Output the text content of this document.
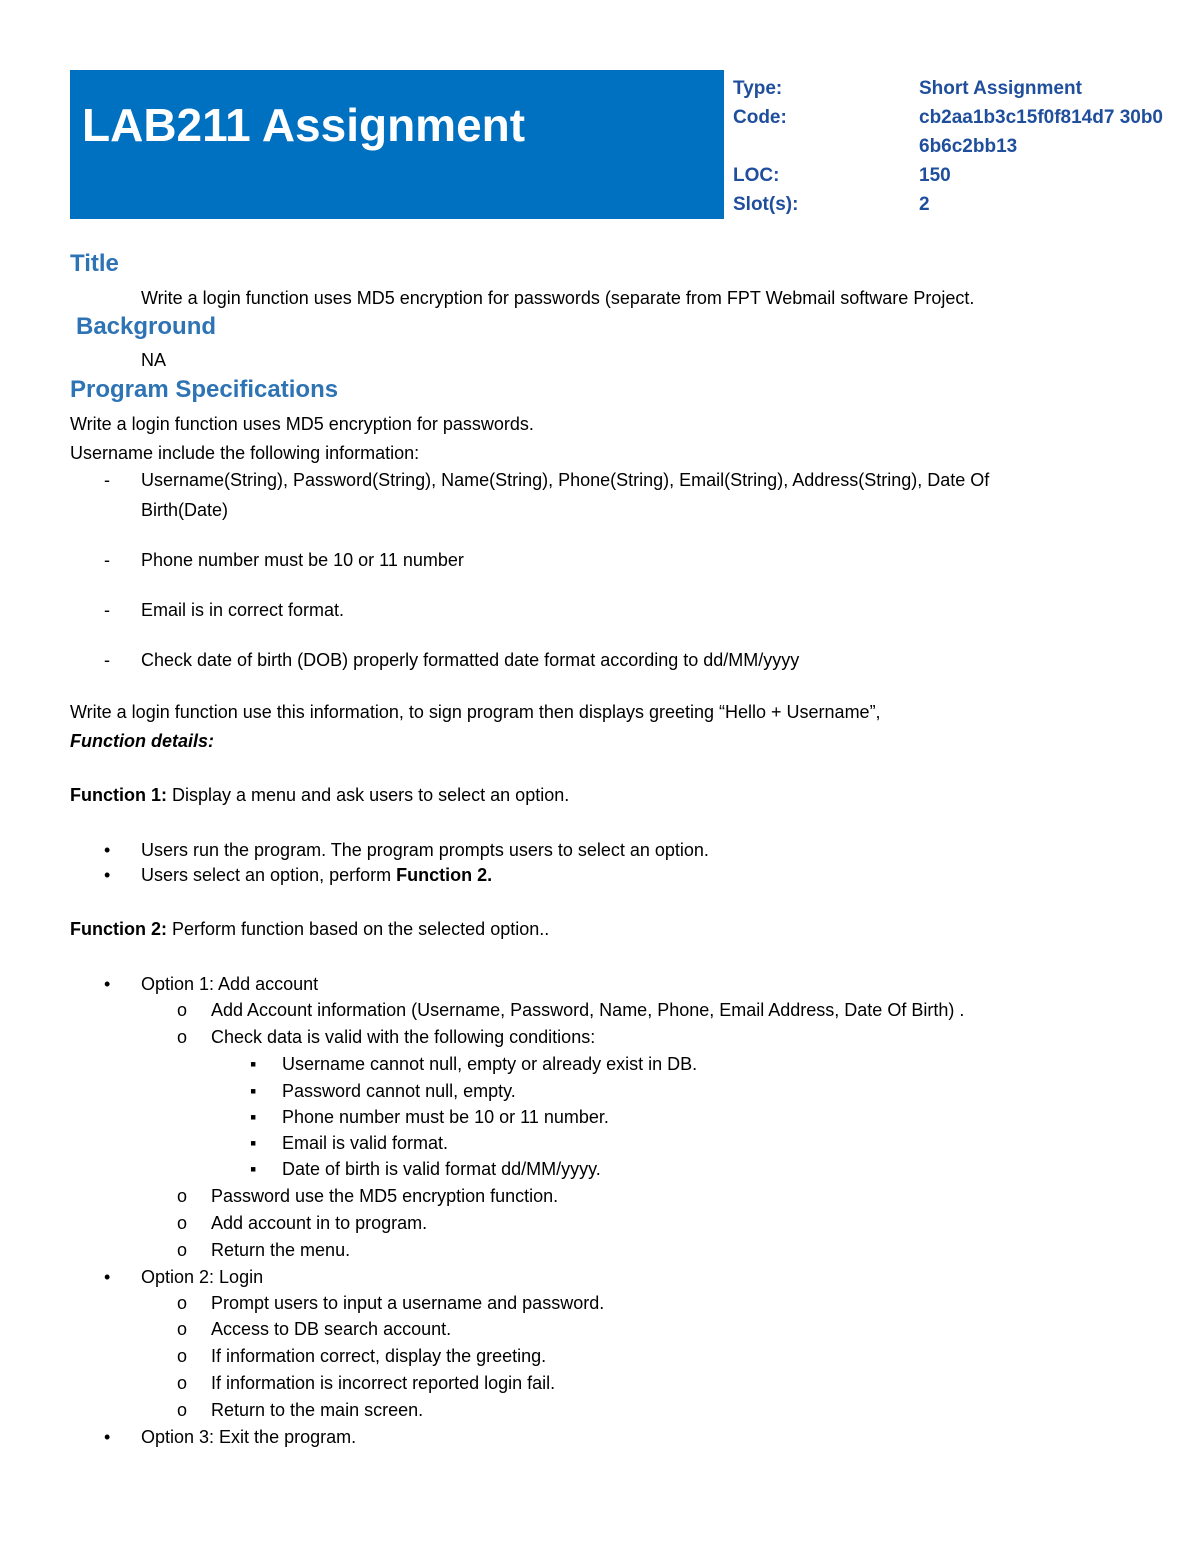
LAB211 Assignment
Type:	Short Assignment
Code:	cb2aa1b3c15f0f814d7 30b06b6c2bb13
LOC:	150
Slot(s):	2
Title
Write a login function uses MD5 encryption for passwords (separate from FPT Webmail software Project.
Background
NA
Program Specifications
Write a login function uses MD5 encryption for passwords.
Username include the following information:
- Username(String), Password(String), Name(String), Phone(String), Email(String), Address(String), Date Of
Birth(Date)
- Phone number must be 10 or 11 number
- Email is in correct format.
- Check date of birth (DOB) properly formatted date format according to dd/MM/yyyy
Write a login function use this information, to sign program then displays greeting “Hello + Username”,
Function details:
Function 1: Display a menu and ask users to select an option.
• Users run the program. The program prompts users to select an option.
• Users select an option, perform Function 2.
Function 2: Perform function based on the selected option..
• Option 1: Add account
o Add Account information (Username, Password, Name, Phone, Email Address, Date Of Birth) .
o Check data is valid with the following conditions:
▪ Username cannot null, empty or already exist in DB.
▪ Password cannot null, empty.
▪ Phone number must be 10 or 11 number.
▪ Email is valid format.
▪ Date of birth is valid format dd/MM/yyyy.
o Password use the MD5 encryption function.
o Add account in to program.
o Return the menu.
• Option 2: Login
o Prompt users to input a username and password.
o Access to DB search account.
o If information correct, display the greeting.
o If information is incorrect reported login fail.
o Return to the main screen.
• Option 3: Exit the program.
